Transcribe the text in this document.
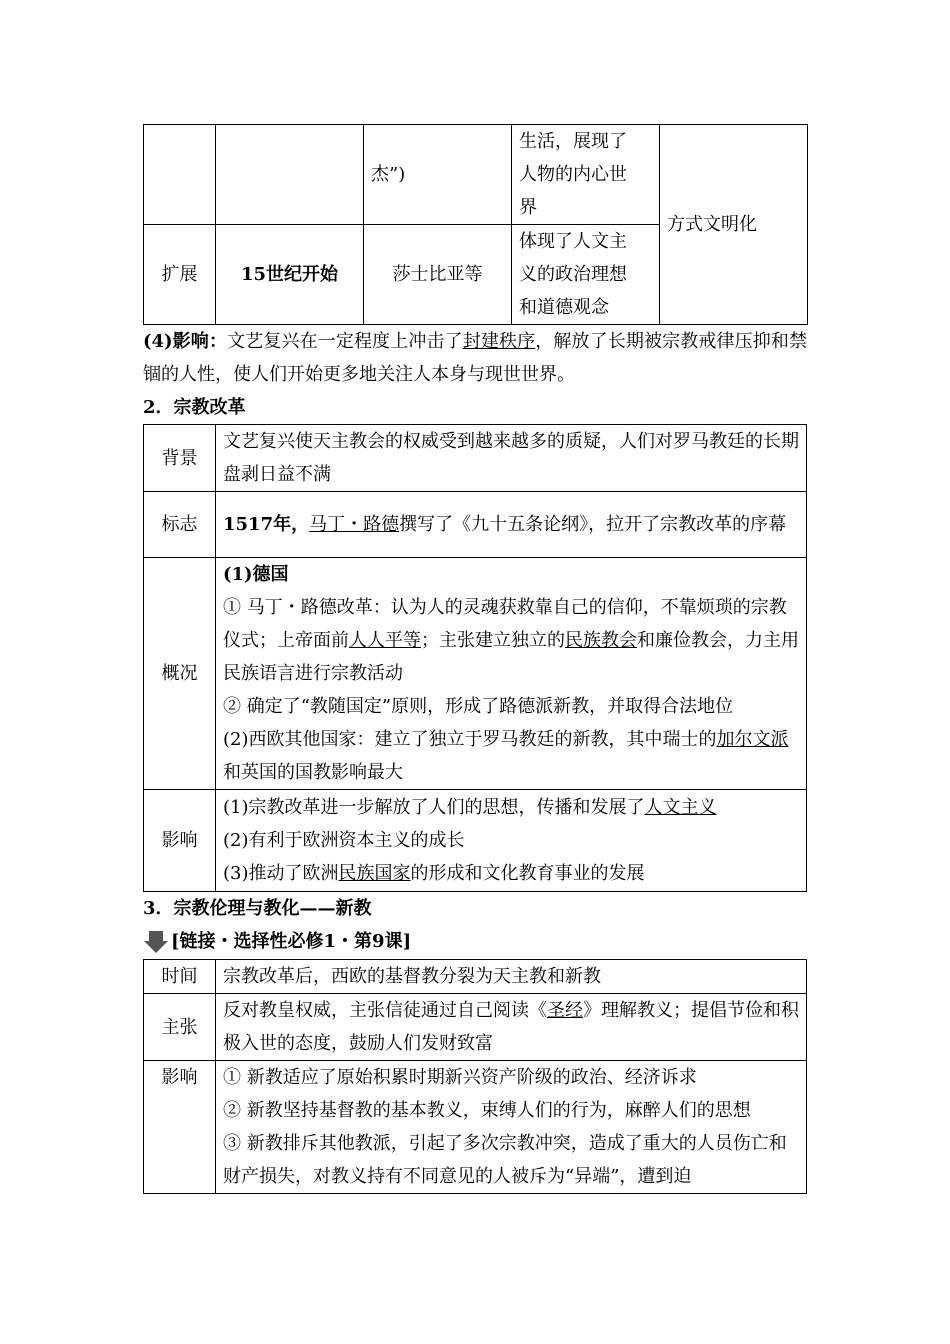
		杰”)	生活，展现了
人物的内心世
界	方式文明化
扩展	15世纪开始	莎士比亚等	体现了人文主
义的政治理想
和道德观念	

(4)影响：文艺复兴在一定程度上冲击了封建秩序，解放了长期被宗教戒律压抑和禁锢的人性，使人们开始更多地关注人本身与现世世界。

2．宗教改革

背景	文艺复兴使天主教会的权威受到越来越多的质疑，人们对罗马教廷的长期盘剥日益不满
标志	1517年，马丁・路德撰写了《九十五条论纲》，拉开了宗教改革的序幕
概况	(1)德国
① 马丁・路德改革：认为人的灵魂获救靠自己的信仰，不靠烦琐的宗教仪式；上帝面前人人平等；主张建立独立的民族教会和廉俭教会，力主用民族语言进行宗教活动
② 确定了“教随国定”原则，形成了路德派新教，并取得合法地位
(2)西欧其他国家：建立了独立于罗马教廷的新教，其中瑞士的加尔文派和英国的国教影响最大

影响	(1)宗教改革进一步解放了人们的思想，传播和发展了人文主义
(2)有利于欧洲资本主义的成长
(3)推动了欧洲民族国家的形成和文化教育事业的发展

3．宗教伦理与教化——新教

[链接・选择性必修1・第9课]
时间	宗教改革后，西欧的基督教分裂为天主教和新教
主张	反对教皇权威，主张信徒通过自己阅读《圣经》理解教义；提倡节俭和积极入世的态度，鼓励人们发财致富
影响	① 新教适应了原始积累时期新兴资产阶级的政治、经济诉求
② 新教坚持基督教的基本教义，束缚人们的行为，麻醉人们的思想
③ 新教排斥其他教派，引起了多次宗教冲突，造成了重大的人员伤亡和财产损失，对教义持有不同意见的人被斥为“异端”，遭到迫
